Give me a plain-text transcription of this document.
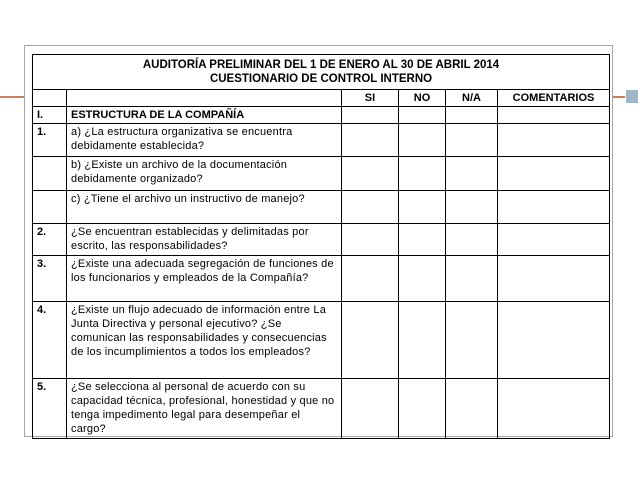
AUDITORÍA PRELIMINAR DEL 1 DE ENERO AL 30 DE ABRIL 2014
CUESTIONARIO DE CONTROL INTERNO					

		SI	NO	N/A	COMENTARIOS
I.	ESTRUCTURA DE LA COMPAÑÍA				
1.	a) ¿La estructura organizativa se encuentra debidamente establecida?				
	b) ¿Existe un archivo de la documentación debidamente organizado?				
	c) ¿Tiene el archivo un instructivo de manejo?				
2.	¿Se encuentran establecidas y delimitadas por escrito, las responsabilidades?				
3.	¿Existe una adecuada segregación de funciones de los funcionarios y empleados de la Compañía?				
4.	¿Existe un flujo adecuado de información entre La Junta Directiva y personal ejecutivo? ¿Se comunican las responsabilidades y consecuencias de los incumplimientos a todos los empleados?				
5.	¿Se selecciona al personal de acuerdo con su capacidad técnica, profesional, honestidad y que no tenga impedimento legal para desempeñar el cargo?				
